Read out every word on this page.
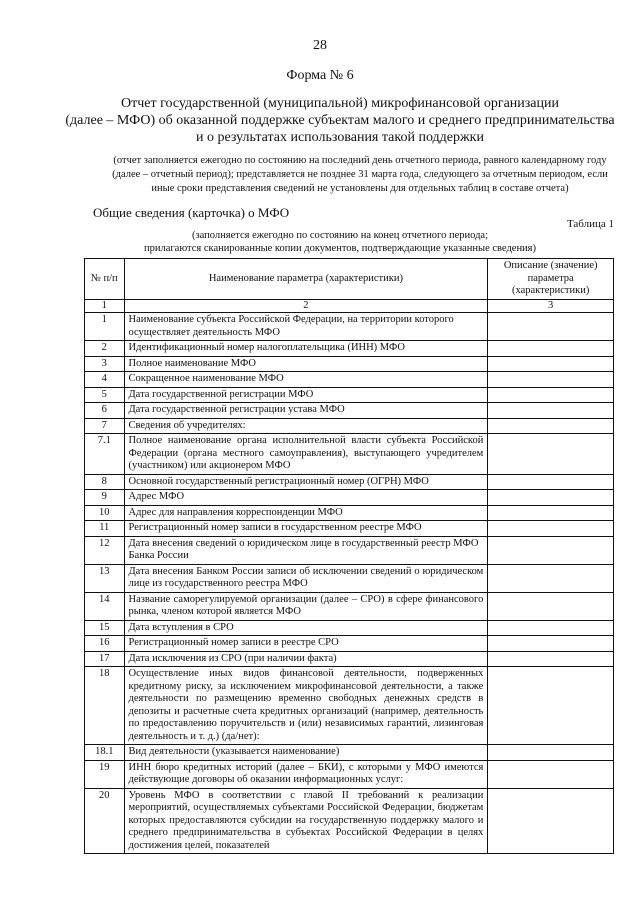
28
Форма № 6
Отчет государственной (муниципальной) микрофинансовой организации
(далее – МФО) об оказанной поддержке субъектам малого и среднего предпринимательства
и о результатах использования такой поддержки
(отчет заполняется ежегодно по состоянию на последний день отчетного периода, равного календарному году
(далее – отчетный период); представляется не позднее 31 марта года, следующего за отчетным периодом, если
иные сроки представления сведений не установлены для отдельных таблиц в составе отчета)
Общие сведения (карточка) о МФО
Таблица 1
(заполняется ежегодно по состоянию на конец отчетного периода;
прилагаются сканированные копии документов, подтверждающие указанные сведения)
№ п/п	Наименование параметра (характеристики)	Описание (значение) параметра (характеристики)
1	2	3
1	Наименование субъекта Российской Федерации, на территории которого осуществляет деятельность МФО	
2	Идентификационный номер налогоплательщика (ИНН) МФО	
3	Полное наименование МФО	
4	Сокращенное наименование МФО	
5	Дата государственной регистрации МФО	
6	Дата государственной регистрации устава МФО	
7	Сведения об учредителях:	
7.1	Полное наименование органа исполнительной власти субъекта Российской Федерации (органа местного самоуправления), выступающего учредителем (участником) или акционером МФО	
8	Основной государственный регистрационный номер (ОГРН) МФО	
9	Адрес МФО	
10	Адрес для направления корреспонденции МФО	
11	Регистрационный номер записи в государственном реестре МФО	
12	Дата внесения сведений о юридическом лице в государственный реестр МФО Банка России	
13	Дата внесения Банком России записи об исключении сведений о юридическом лице из государственного реестра МФО	
14	Название саморегулируемой организации (далее – СРО) в сфере финансового рынка, членом которой является МФО	
15	Дата вступления в СРО	
16	Регистрационный номер записи в реестре СРО	
17	Дата исключения из СРО (при наличии факта)	
18	Осуществление иных видов финансовой деятельности, подверженных кредитному риску, за исключением микрофинансовой деятельности, а также деятельности по размещению временно свободных денежных средств в депозиты и расчетные счета кредитных организаций (например, деятельность по предоставлению поручительств и (или) независимых гарантий, лизинговая деятельность и т. д.) (да/нет):	
18.1	Вид деятельности (указывается наименование)	
19	ИНН бюро кредитных историй (далее – БКИ), с которыми у МФО имеются действующие договоры об оказании информационных услуг:	
20	Уровень МФО в соответствии с главой II требований к реализации мероприятий, осуществляемых субъектами Российской Федерации, бюджетам которых предоставляются субсидии на государственную поддержку малого и среднего предпринимательства в субъектах Российской Федерации в целях достижения целей, показателей	
